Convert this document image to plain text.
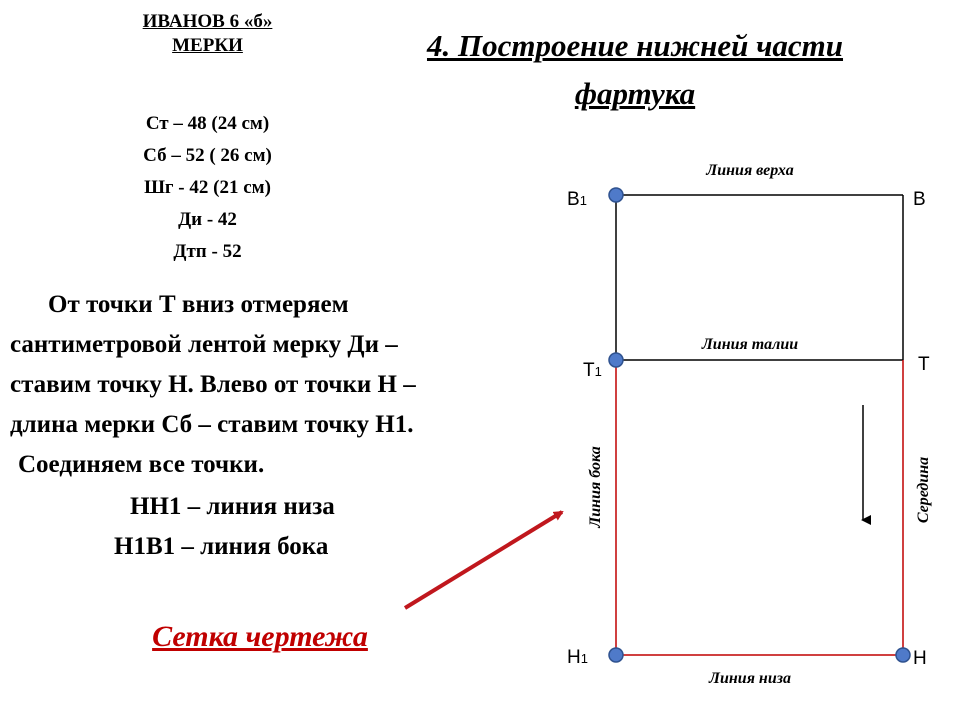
ИВАНОВ 6 «б»
МЕРКИ
Ст – 48 (24 см)
Сб – 52 ( 26 см)
Шг - 42 (21 см)
Ди - 42
Дтп - 52
4. Построение нижней части
фартука
От точки Т вниз отмеряем
сантиметровой лентой мерку Ди –
ставим точку Н. Влево от точки Н –
длина мерки Сб – ставим точку Н1.
Соединяем все точки.
НН1 – линия низа
Н1В1 – линия бока
Сетка чертежа
В1	В
Т1	Т
Н1	Н
Линия верха
Линия талии
Линия низа
Линия бока	Середина
